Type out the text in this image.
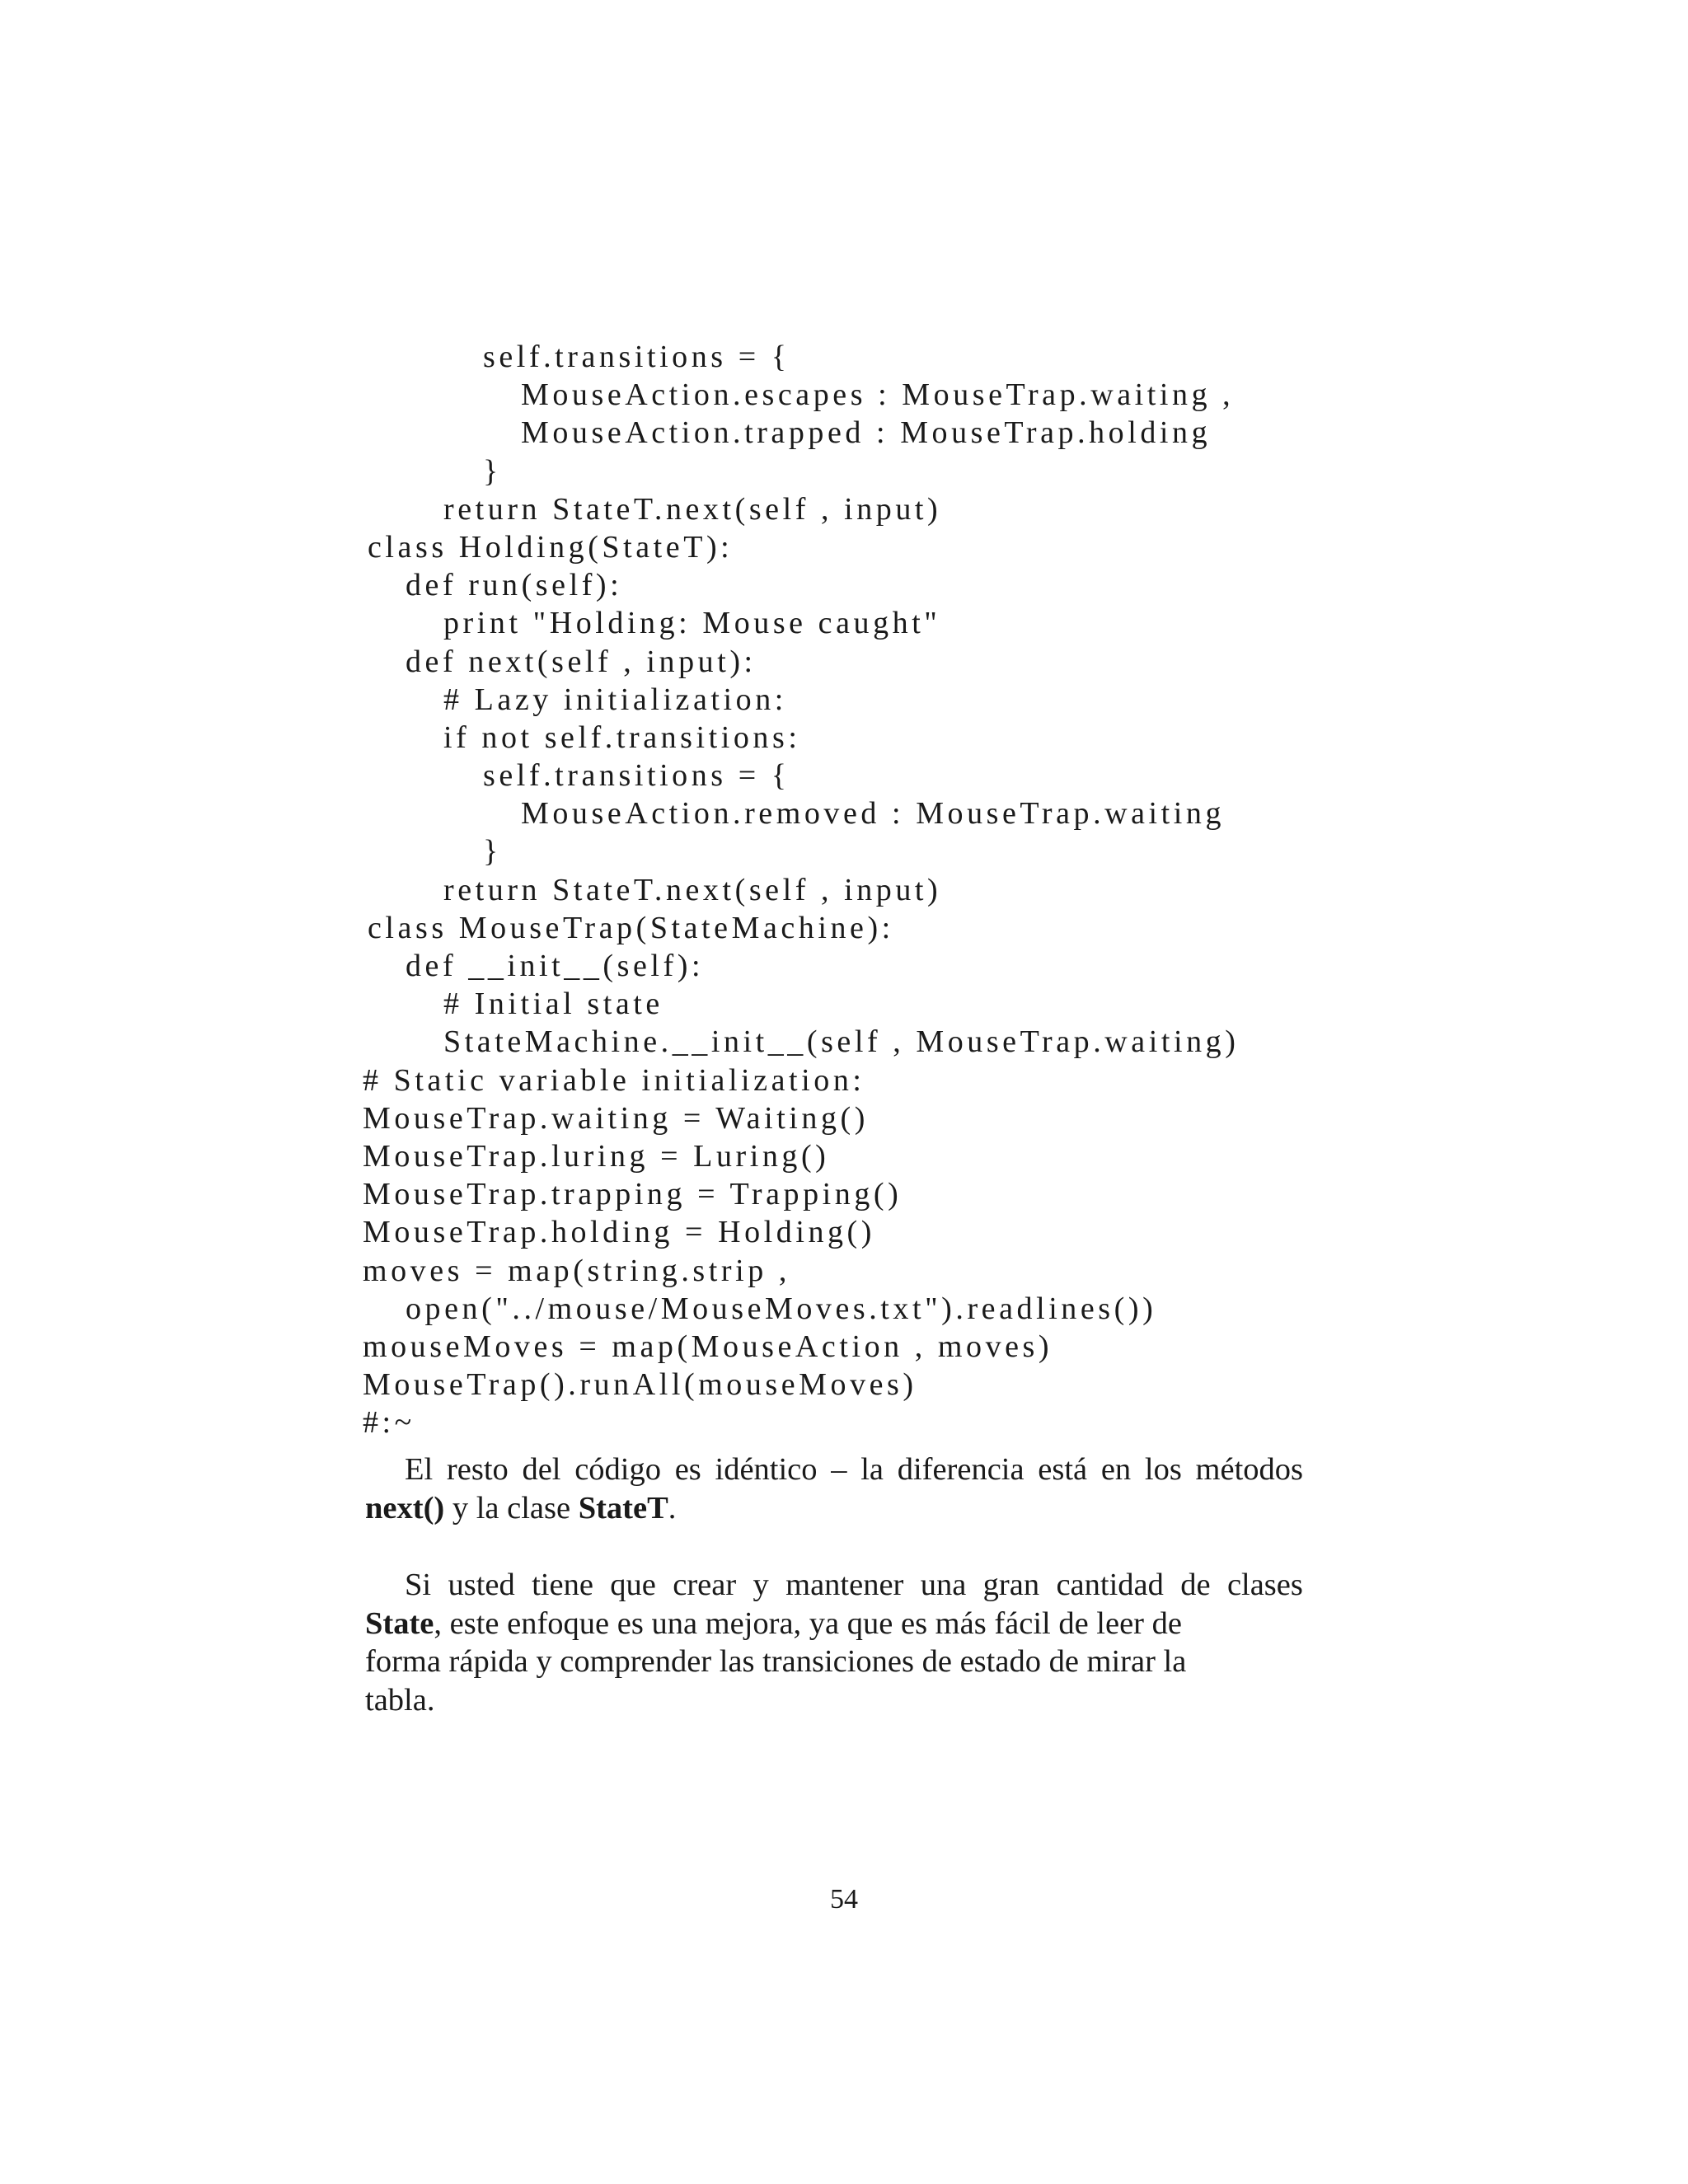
self.transitions = {
MouseAction.escapes : MouseTrap.waiting ,
MouseAction.trapped : MouseTrap.holding
}
return StateT.next(self , input)
class Holding(StateT):
def run(self):
print "Holding: Mouse caught"
def next(self , input):
# Lazy initialization:
if not self.transitions:
self.transitions = {
MouseAction.removed : MouseTrap.waiting
}
return StateT.next(self , input)
class MouseTrap(StateMachine):
def __init__(self):
# Initial state
StateMachine.__init__(self , MouseTrap.waiting)
# Static variable initialization:
MouseTrap.waiting = Waiting()
MouseTrap.luring = Luring()
MouseTrap.trapping = Trapping()
MouseTrap.holding = Holding()
moves = map(string.strip ,
open("../mouse/MouseMoves.txt").readlines())
mouseMoves = map(MouseAction , moves)
MouseTrap().runAll(mouseMoves)
#:~
El resto del código es idéntico – la diferencia está en los métodos
next() y la clase StateT.
Si usted tiene que crear y mantener una gran cantidad de clases
State, este enfoque es una mejora, ya que es más fácil de leer de
forma rápida y comprender las transiciones de estado de mirar la
tabla.
54
